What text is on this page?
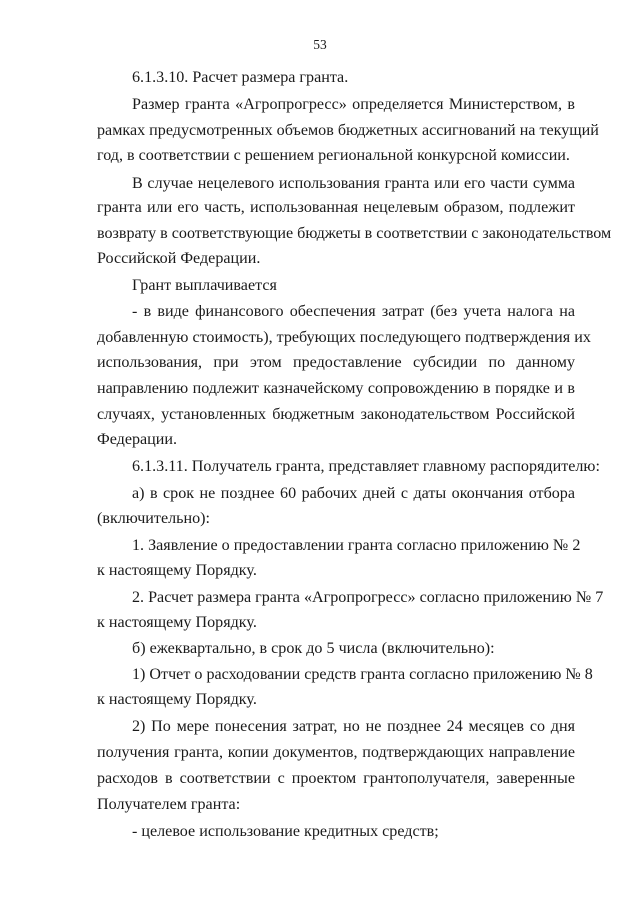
53
6.1.3.10. Расчет размера гранта.
Размер гранта «Агропрогресс» определяется Министерством, в
рамках предусмотренных объемов бюджетных ассигнований на текущий
год, в соответствии с решением региональной конкурсной комиссии.
В случае нецелевого использования гранта или его части сумма
гранта или его часть, использованная нецелевым образом, подлежит
возврату в соответствующие бюджеты в соответствии с законодательством
Российской Федерации.
Грант выплачивается
- в виде финансового обеспечения затрат (без учета налога на
добавленную стоимость), требующих последующего подтверждения их
использования, при этом предоставление субсидии по данному
направлению подлежит казначейскому сопровождению в порядке и в
случаях, установленных бюджетным законодательством Российской
Федерации.
6.1.3.11. Получатель гранта, представляет главному распорядителю:
а) в срок не позднее 60 рабочих дней с даты окончания отбора
(включительно):
1. Заявление о предоставлении гранта согласно приложению № 2
к настоящему Порядку.
2. Расчет размера гранта «Агропрогресс» согласно приложению № 7
к настоящему Порядку.
б) ежеквартально, в срок до 5 числа (включительно):
1) Отчет о расходовании средств гранта согласно приложению № 8
к настоящему Порядку.
2) По мере понесения затрат, но не позднее 24 месяцев со дня
получения гранта, копии документов, подтверждающих направление
расходов в соответствии с проектом грантополучателя, заверенные
Получателем гранта:
- целевое использование кредитных средств;
